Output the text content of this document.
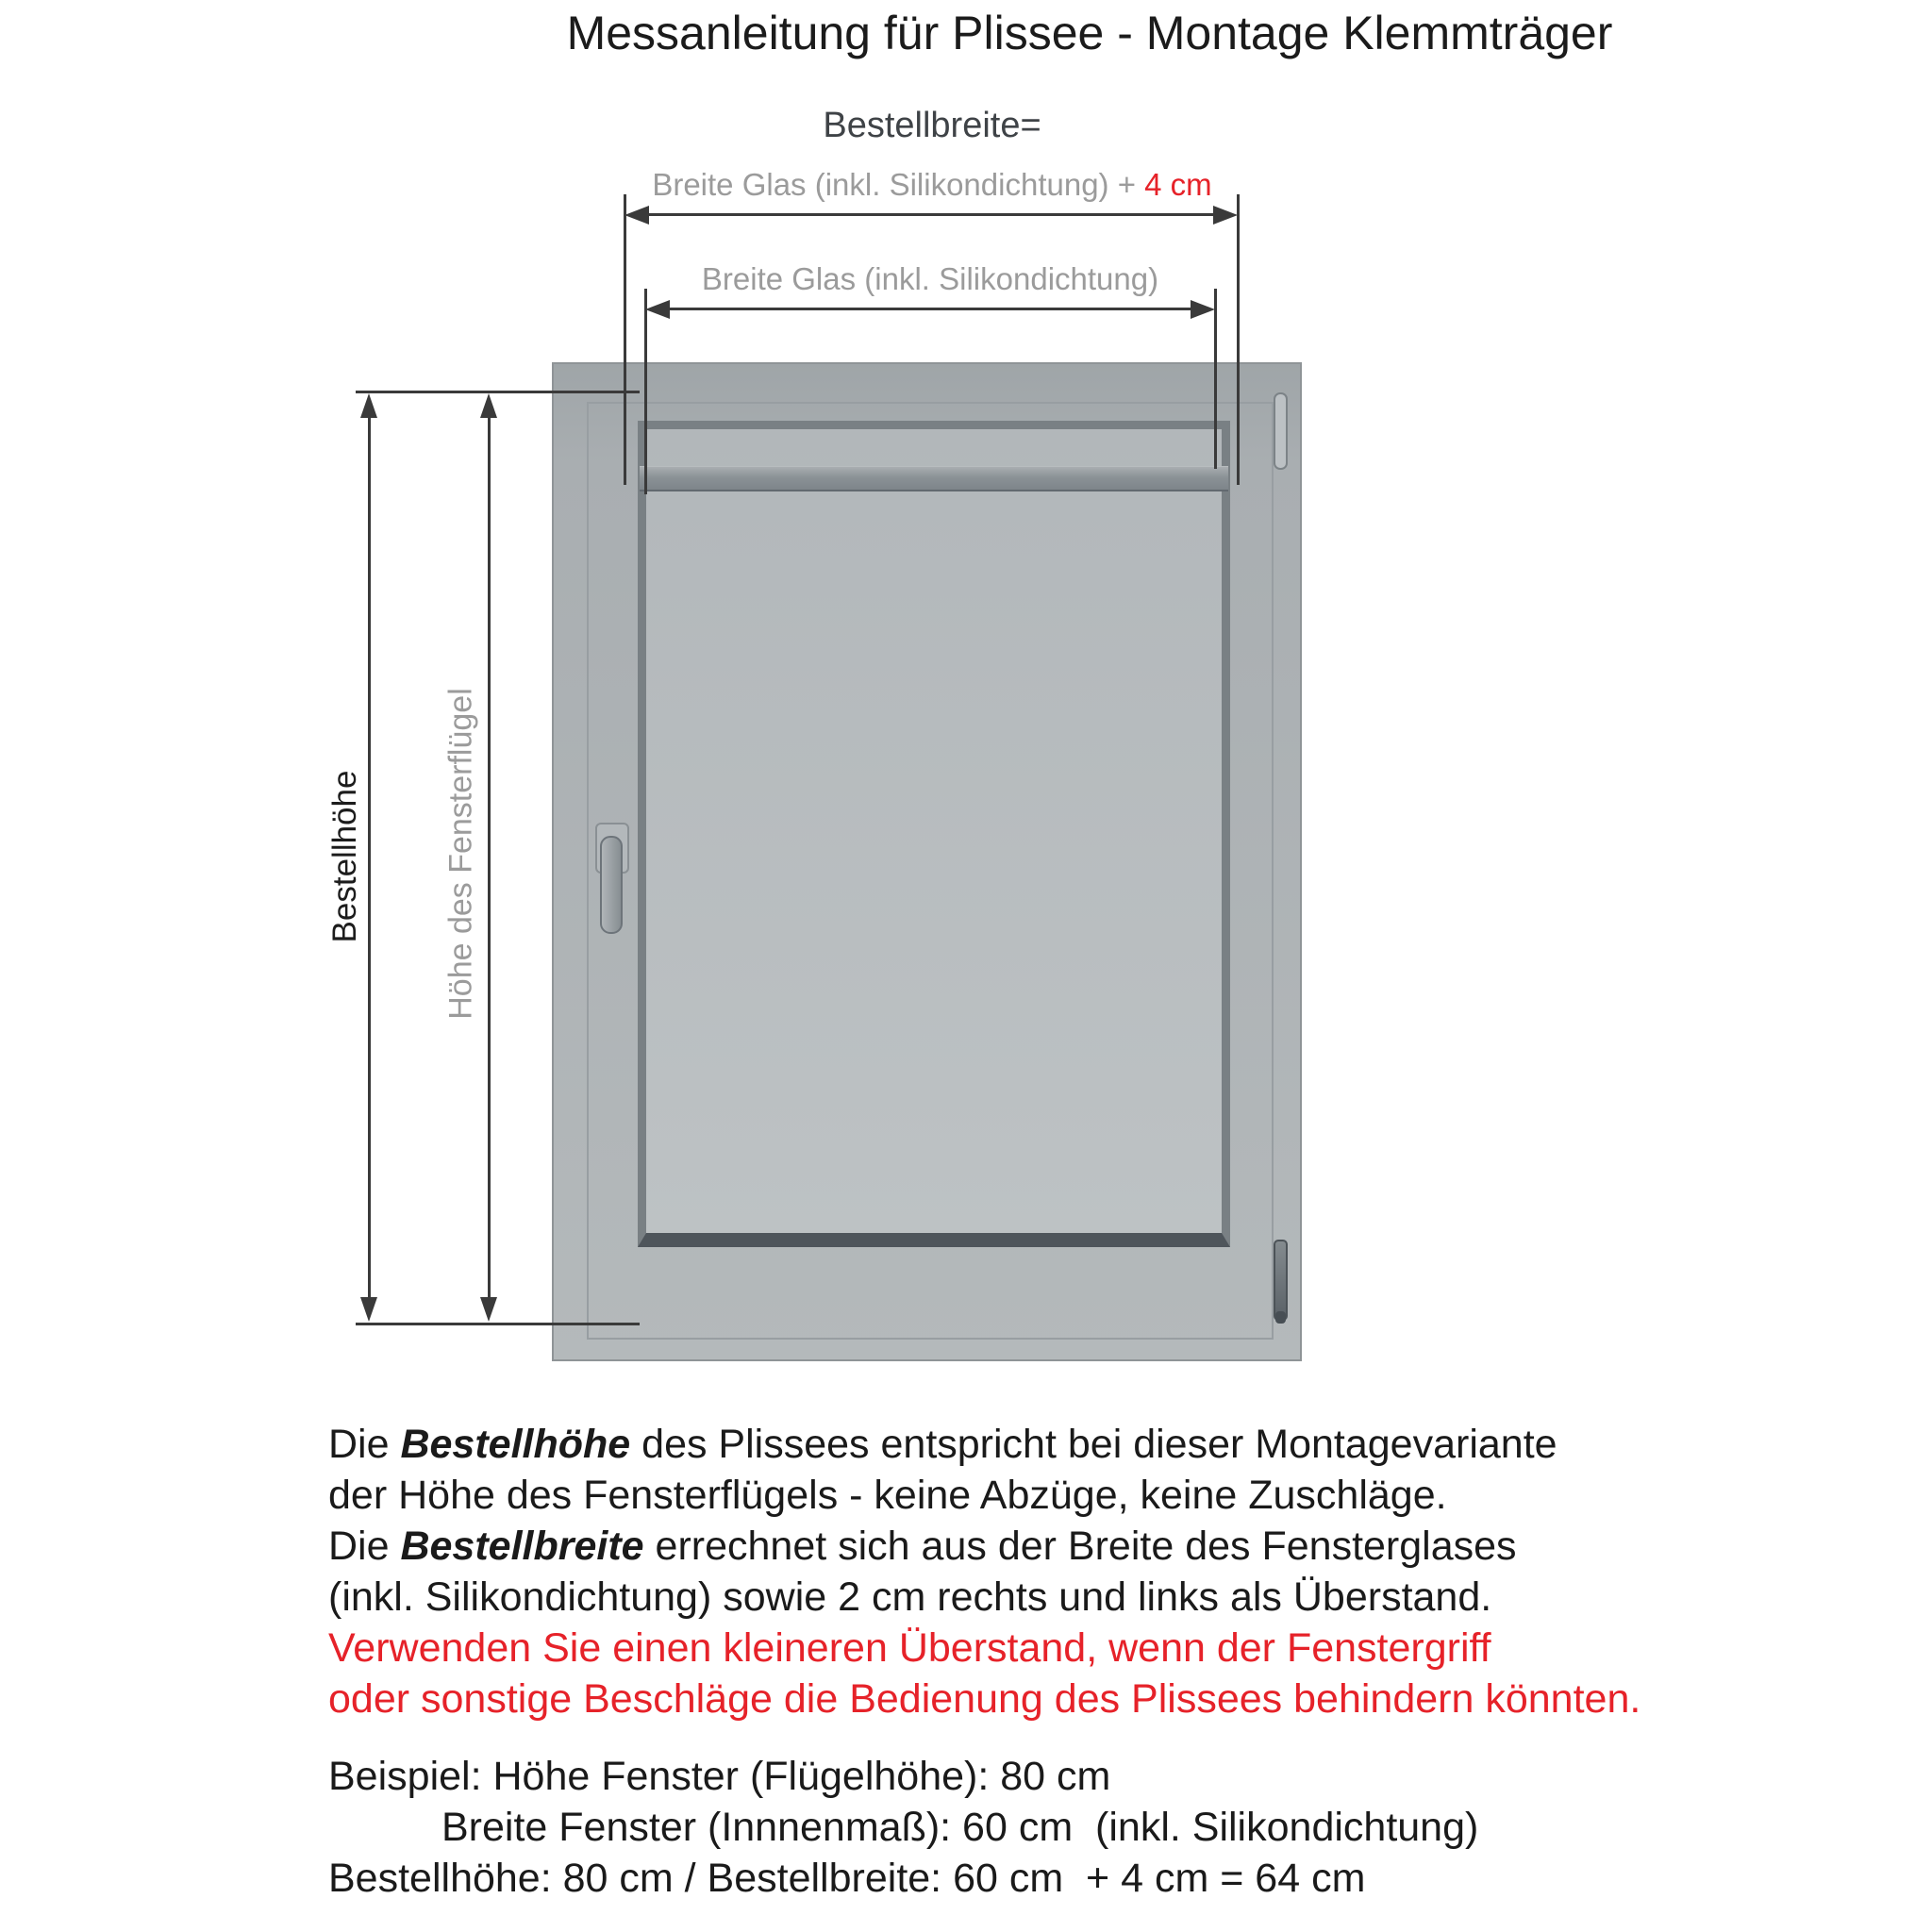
Messanleitung für Plissee - Montage Klemmträger
Bestellbreite=
Breite Glas (inkl. Silikondichtung) + 4 cm
Breite Glas (inkl. Silikondichtung)
Bestellhöhe Höhe des Fensterflügel
Die Bestellhöhe des Plissees entspricht bei dieser Montagevariante
der Höhe des Fensterflügels - keine Abzüge, keine Zuschläge.
Die Bestellbreite errechnet sich aus der Breite des Fensterglases
(inkl. Silikondichtung) sowie 2 cm rechts und links als Überstand.
Verwenden Sie einen kleineren Überstand, wenn der Fenstergriff
oder sonstige Beschläge die Bedienung des Plissees behindern könnten.
Beispiel: Höhe Fenster (Flügelhöhe): 80 cm
Breite Fenster (Innnenmaß): 60 cm  (inkl. Silikondichtung)
Bestellhöhe: 80 cm / Bestellbreite: 60 cm  + 4 cm = 64 cm
